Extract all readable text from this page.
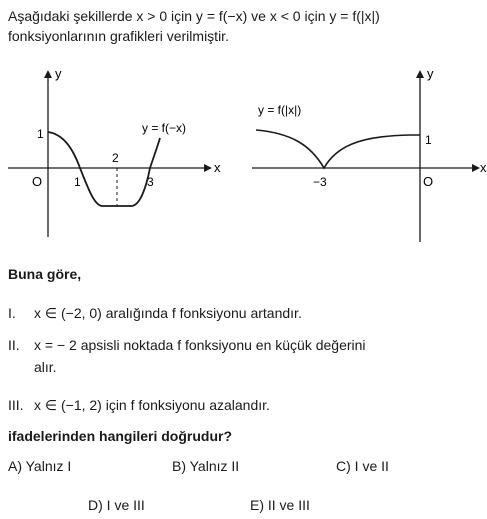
Aşağıdaki şekillerde x > 0 için y = f(−x) ve x < 0 için y = f(|x|) fonksiyonlarının grafikleri verilmiştir.
y
x
O
1
1
2
3
y = f(−x)
y
x
O
1
−3
y = f(|x|)
Buna göre,
I. x ∈ (−2, 0) aralığında f fonksiyonu artandır.
II. x = − 2 apsisli noktada f fonksiyonu en küçük değerini
alır.
III. x ∈ (−1, 2) için f fonksiyonu azalandır.
ifadelerinden hangileri doğrudur?
A) Yalnız I	B) Yalnız II	C) I ve II
D) I ve III	E) II ve III
